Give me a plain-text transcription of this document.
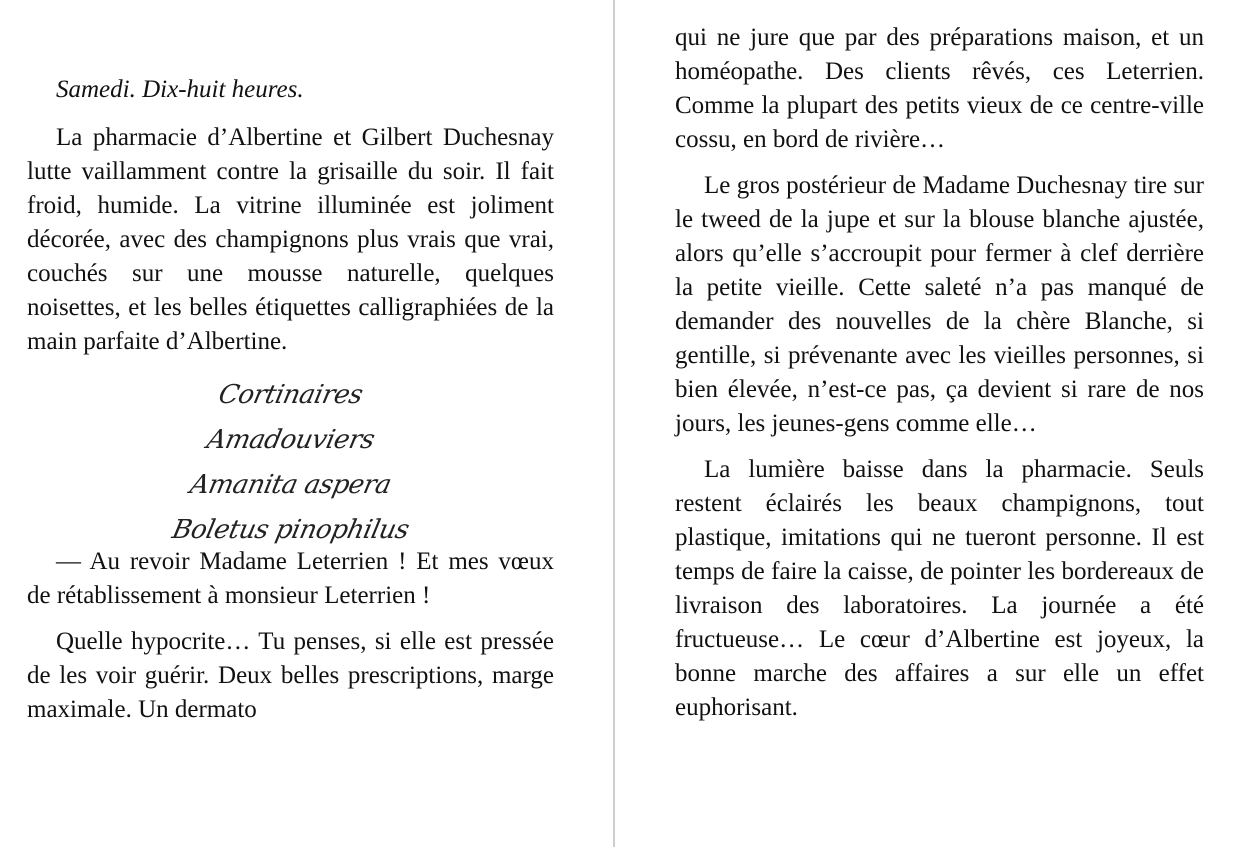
Samedi. Dix-huit heures.

La pharmacie d’Albertine et Gilbert Duchesnay lutte vaillamment contre la grisaille du soir. Il fait froid, humide. La vitrine illuminée est joliment décorée, avec des champignons plus vrais que vrai, couchés sur une mousse naturelle, quelques noisettes, et les belles étiquettes calligraphiées de la main parfaite d’Albertine.

Cortinaires
Amadouviers
Amanita aspera
Boletus pinophilus

— Au revoir Madame Leterrien ! Et mes vœux de rétablissement à monsieur Leterrien !

Quelle hypocrite… Tu penses, si elle est pressée de les voir guérir. Deux belles prescriptions, marge maximale. Un dermato

qui ne jure que par des préparations maison, et un homéopathe. Des clients rêvés, ces Leterrien. Comme la plupart des petits vieux de ce centre-ville cossu, en bord de rivière…

Le gros postérieur de Madame Duchesnay tire sur le tweed de la jupe et sur la blouse blanche ajustée, alors qu’elle s’accroupit pour fermer à clef derrière la petite vieille. Cette saleté n’a pas manqué de demander des nouvelles de la chère Blanche, si gentille, si prévenante avec les vieilles personnes, si bien élevée, n’est-ce pas, ça devient si rare de nos jours, les jeunes-gens comme elle…

La lumière baisse dans la pharmacie. Seuls restent éclairés les beaux champignons, tout plastique, imitations qui ne tueront personne. Il est temps de faire la caisse, de pointer les bordereaux de livraison des laboratoires. La journée a été fructueuse… Le cœur d’Albertine est joyeux, la bonne marche des affaires a sur elle un effet euphorisant.
